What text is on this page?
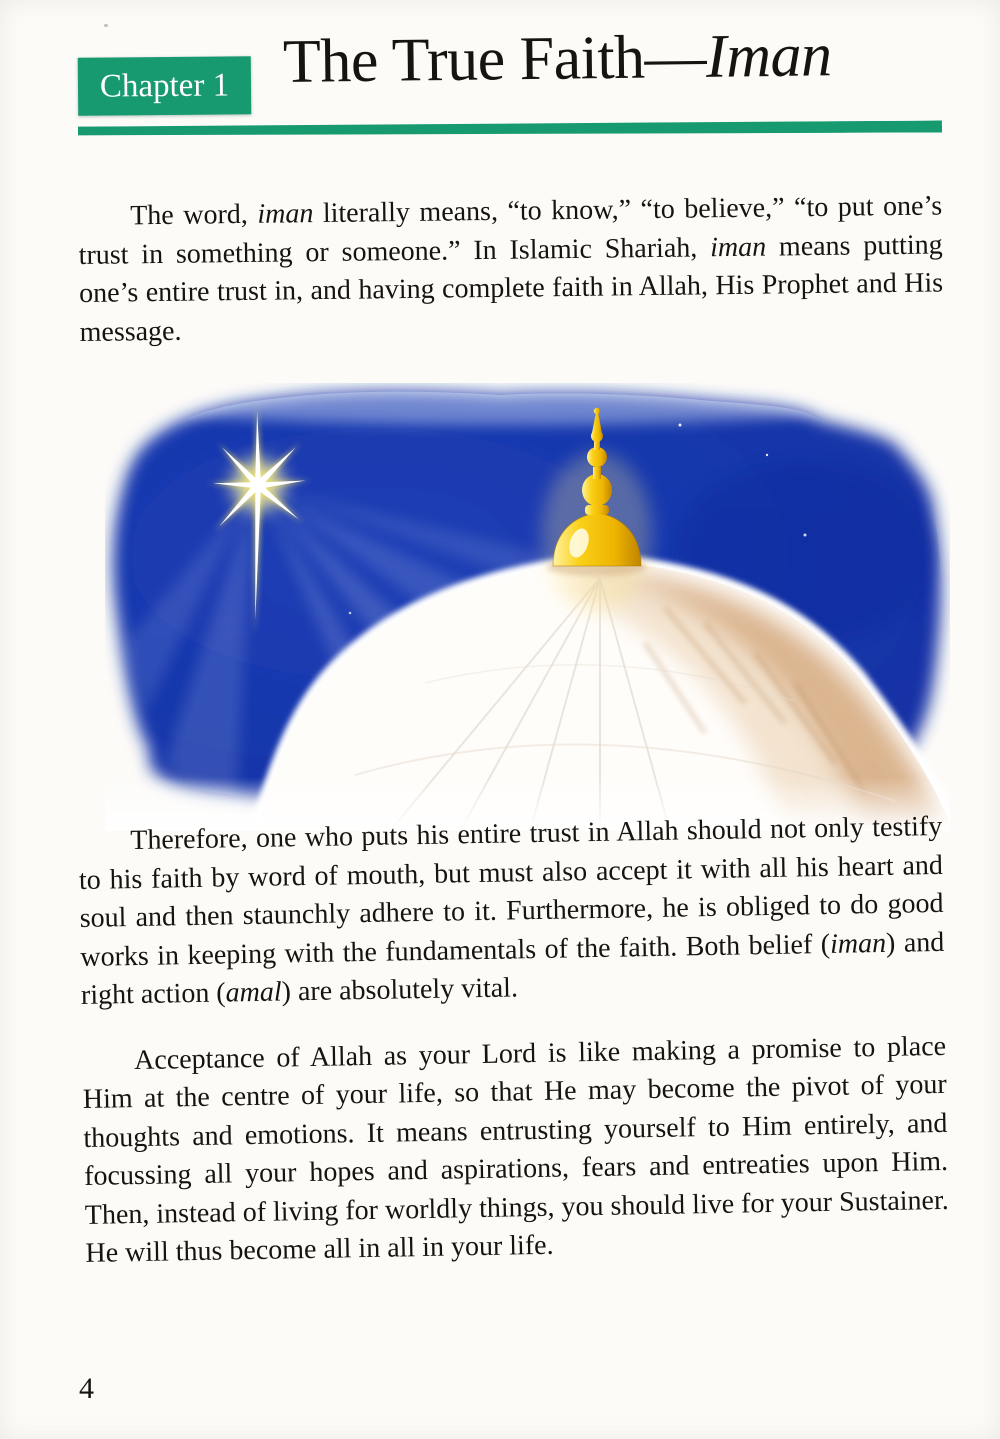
Chapter 1 The True Faith—Iman

The word, iman literally means, “to know,” “to believe,” “to put one’s trust in something or someone.” In Islamic Shariah, iman means putting one’s entire trust in, and having complete faith in Allah, His Prophet and His message.

Therefore, one who puts his entire trust in Allah should not only testify to his faith by word of mouth, but must also accept it with all his heart and soul and then staunchly adhere to it. Furthermore, he is obliged to do good works in keeping with the fundamentals of the faith. Both belief (iman) and right action (amal) are absolutely vital.

Acceptance of Allah as your Lord is like making a promise to place Him at the centre of your life, so that He may become the pivot of your thoughts and emotions. It means entrusting yourself to Him entirely, and focussing all your hopes and aspirations, fears and entreaties upon Him. Then, instead of living for worldly things, you should live for your Sustainer. He will thus become all in all in your life.

4
